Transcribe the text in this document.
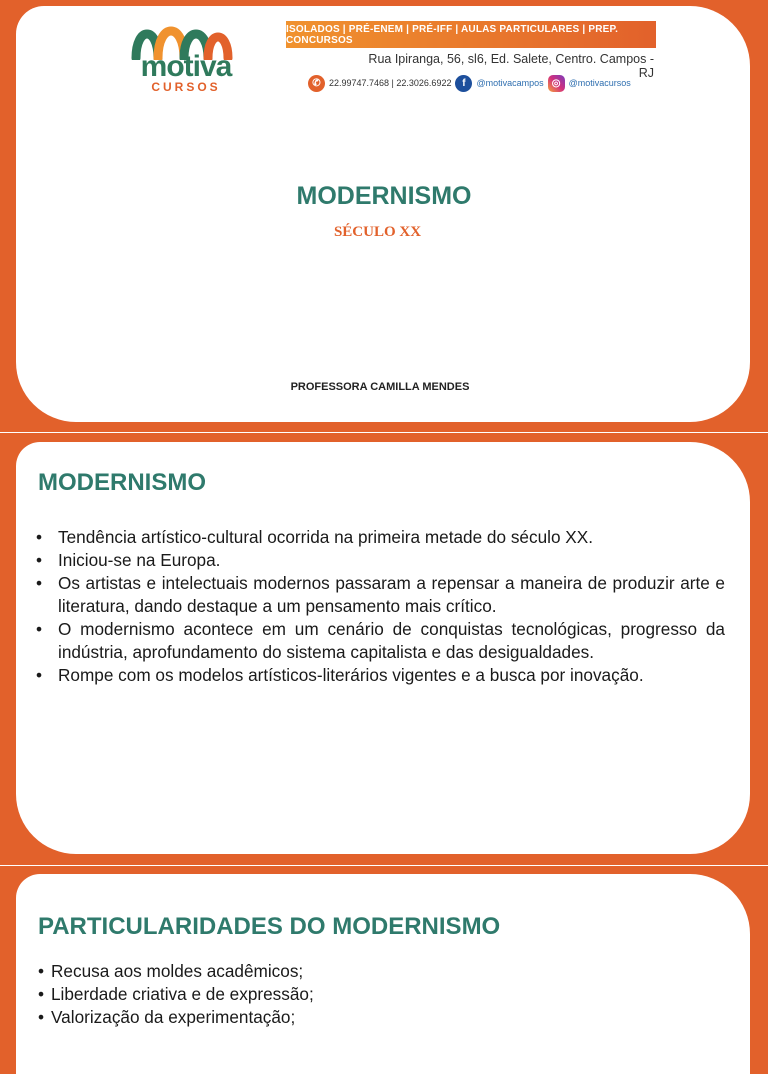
motiva
CURSOS
ISOLADOS | PRÉ-ENEM | PRÉ-IFF | AULAS PARTICULARES | PREP. CONCURSOS
Rua Ipiranga, 56, sl6, Ed. Salete, Centro. Campos - RJ
✆ 22.99747.7468 | 22.3026.6922	f	@motivacampos ◎ @motivacursos
MODERNISMO
SÉCULO XX
PROFESSORA CAMILLA MENDES
MODERNISMO
• Tendência artístico-cultural ocorrida na primeira metade do século XX.
• Iniciou-se na Europa.
• Os artistas e intelectuais modernos passaram a repensar a maneira de produzir arte e literatura, dando destaque a um pensamento mais crítico.
• O modernismo acontece em um cenário de conquistas tecnológicas, progresso da indústria, aprofundamento do sistema capitalista e das desigualdades.
• Rompe com os modelos artísticos-literários vigentes e a busca por inovação.
PARTICULARIDADES DO MODERNISMO
• Recusa aos moldes acadêmicos;
• Liberdade criativa e de expressão;
• Valorização da experimentação;
